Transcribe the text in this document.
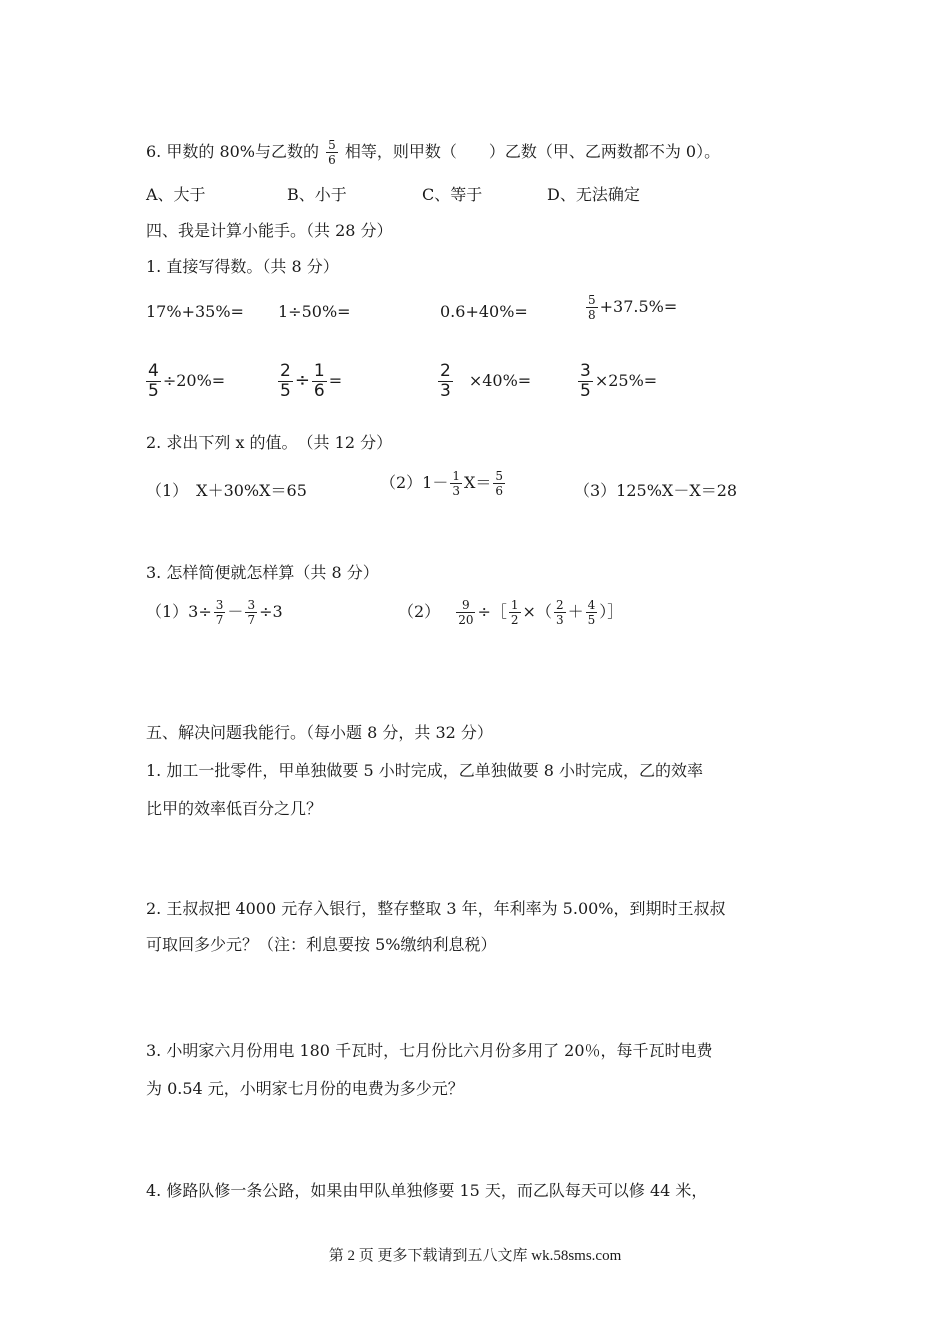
6. 甲数的 80%与乙数的 $\frac{5}{6}$ 相等，则甲数（　　）乙数（甲、乙两数都不为 0）。
A、大于	B、小于	C、等于	D、无法确定
四、我是计算小能手。（共 28 分）
1. 直接写得数。（共 8 分）
17%+35%= 1÷50%=	0.6+40%=	$\frac{5}{8} +37.5\%=$
$\frac{4}{5} \div 20\%=$	$\frac{2}{5} \div \frac{1}{6}$ =	$\frac{2}{3} \times 40\%=$	$\frac{3}{5} \times 25\%=$
2. 求出下列 x 的值。　（共 12 分）
（1）　X＋30%X＝65	$(2)1- \frac{1}{3} X= \frac{5}{6}$	（3）125%X－X＝28
3. 怎样简便就怎样算（共 8 分）
$(1)3\div \frac{3}{7} - \frac{3}{7} \div 3$	$(2) \frac{9}{20}$ ÷［ $\frac{1}{2}$ ×（ $\frac{2}{3} + \frac{4}{5}$ ）］
五、解决问题我能行。（每小题 8 分，共 32 分）
1. 加工一批零件，甲单独做要 5 小时完成，乙单独做要 8 小时完成，乙的效率
比甲的效率低百分之几？
2. 王叔叔把 4000 元存入银行，整存整取 3 年，年利率为 5.00%，到期时王叔叔
可取回多少元？（注：利息要按 5%缴纳利息税）
3. 小明家六月份用电 180 千瓦时，七月份比六月份多用了 20％，每千瓦时电费
为 0.54 元，小明家七月份的电费为多少元？
4. 修路队修一条公路，如果由甲队单独修要 15 天，而乙队每天可以修 44 米，
第 2 页 更多下载请到五八文库 wk.58sms.com
